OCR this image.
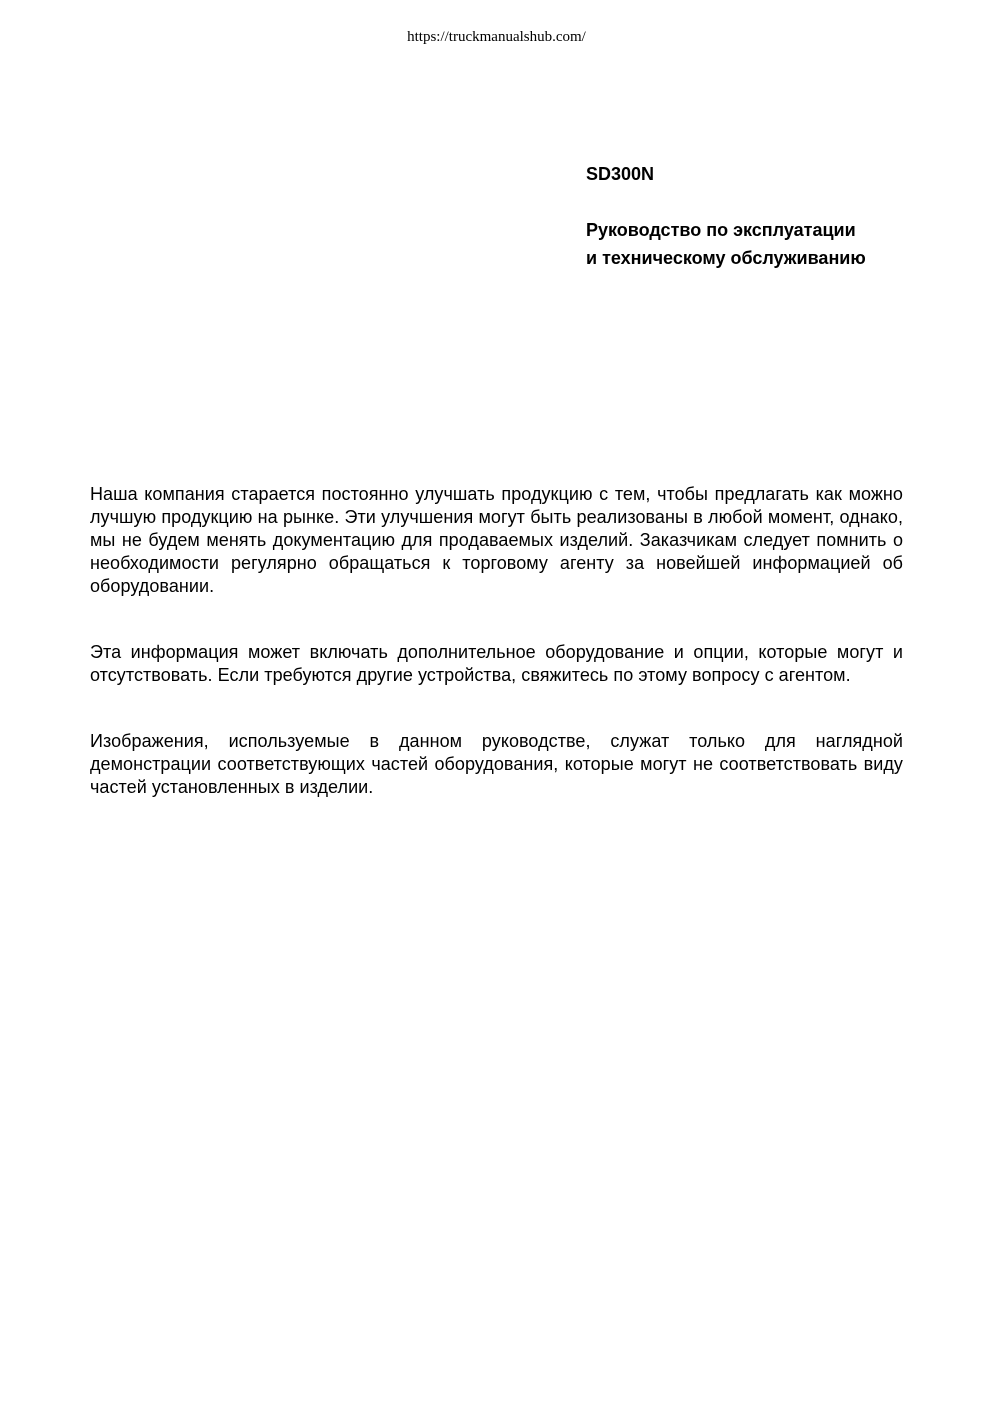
https://truckmanualshub.com/

SD300N

Руководство по эксплуатации
и техническому обслуживанию

Наша компания старается постоянно улучшать продукцию с тем, чтобы предлагать как можно лучшую продукцию на рынке. Эти улучшения могут быть реализованы в любой момент, однако, мы не будем менять документацию для продаваемых изделий. Заказчикам следует помнить о необходимости регулярно обращаться к торговому агенту за новейшей информацией об оборудовании.

Эта информация может включать дополнительное оборудование и опции, которые могут и отсутствовать. Если требуются другие устройства, свяжитесь по этому вопросу с агентом.

Изображения, используемые в данном руководстве, служат только для наглядной демонстрации соответствующих частей оборудования, которые могут не соответствовать виду частей установленных в изделии.
